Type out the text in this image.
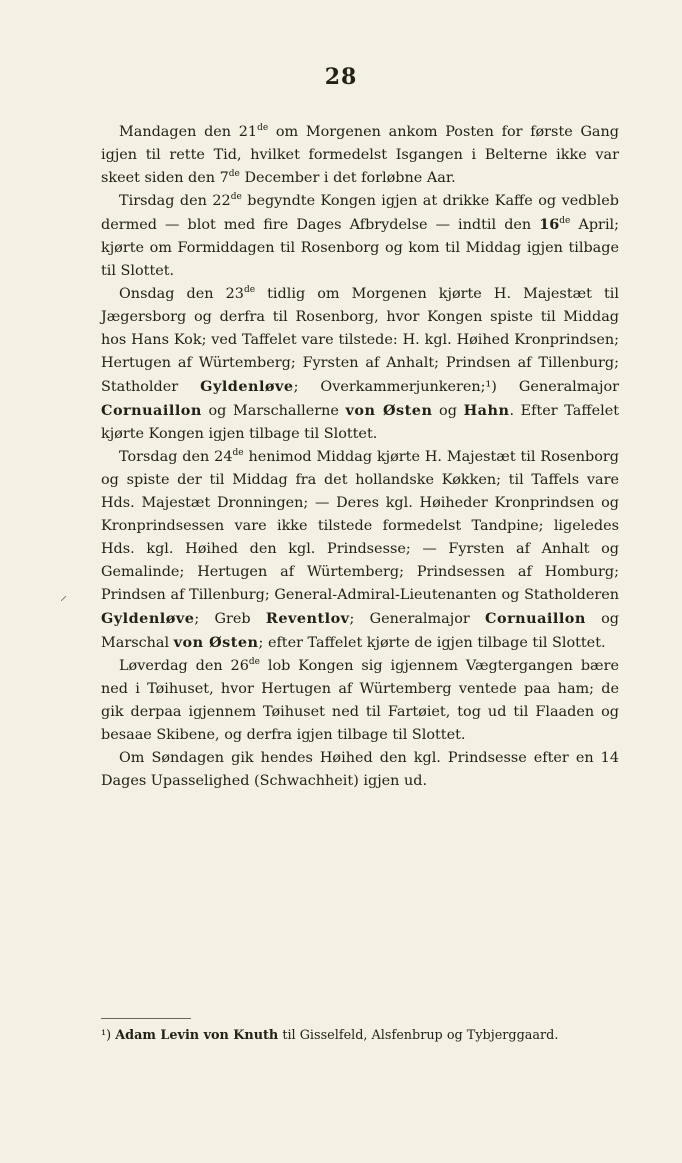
28
⸝

Mandagen den 21de om Morgenen ankom Posten for første Gang igjen til rette Tid, hvilket formedelst Isgangen i Belterne ikke var skeet siden den 7de December i det forløbne Aar.

Tirsdag den 22de begyndte Kongen igjen at drikke Kaffe og vedbleb dermed — blot med fire Dages Afbrydelse — indtil den 16de April; kjørte om Formiddagen til Rosenborg og kom til Middag igjen tilbage til Slottet.

Onsdag den 23de tidlig om Morgenen kjørte H. Majestæt til Jægersborg og derfra til Rosenborg, hvor Kongen spiste til Middag hos Hans Kok; ved Taffelet vare tilstede: H. kgl. Høihed Kronprindsen; Hertugen af Würtemberg; Fyrsten af Anhalt; Prindsen af Tillenburg; Statholder Gyldenløve; Overkammerjunkeren;¹) Generalmajor Cornuaillon og Marschallerne von Østen og Hahn. Efter Taffelet kjørte Kongen igjen tilbage til Slottet.

Torsdag den 24de henimod Middag kjørte H. Majestæt til Rosenborg og spiste der til Middag fra det hollandske Køkken; til Taffels vare Hds. Majestæt Dronningen; — Deres kgl. Høiheder Kronprindsen og Kronprindsessen vare ikke tilstede formedelst Tandpine; ligeledes Hds. kgl. Høihed den kgl. Prindsesse; — Fyrsten af Anhalt og Gemalinde; Hertugen af Würtemberg; Prindsessen af Homburg; Prindsen af Tillenburg; General-Admiral-Lieutenanten og Statholderen Gyldenløve; Greb Reventlov; Generalmajor Cornuaillon og Marschal von Østen; efter Taffelet kjørte de igjen tilbage til Slottet.

Løverdag den 26de lob Kongen sig igjennem Vægtergangen bære ned i Tøihuset, hvor Hertugen af Würtemberg ventede paa ham; de gik derpaa igjennem Tøihuset ned til Fartøiet, tog ud til Flaaden og besaae Skibene, og derfra igjen tilbage til Slottet.

Om Søndagen gik hendes Høihed den kgl. Prindsesse efter en 14 Dages Upasselighed (Schwachheit) igjen ud.

¹) Adam Levin von Knuth til Gisselfeld, Alsfenbrup og Tybjerggaard.
